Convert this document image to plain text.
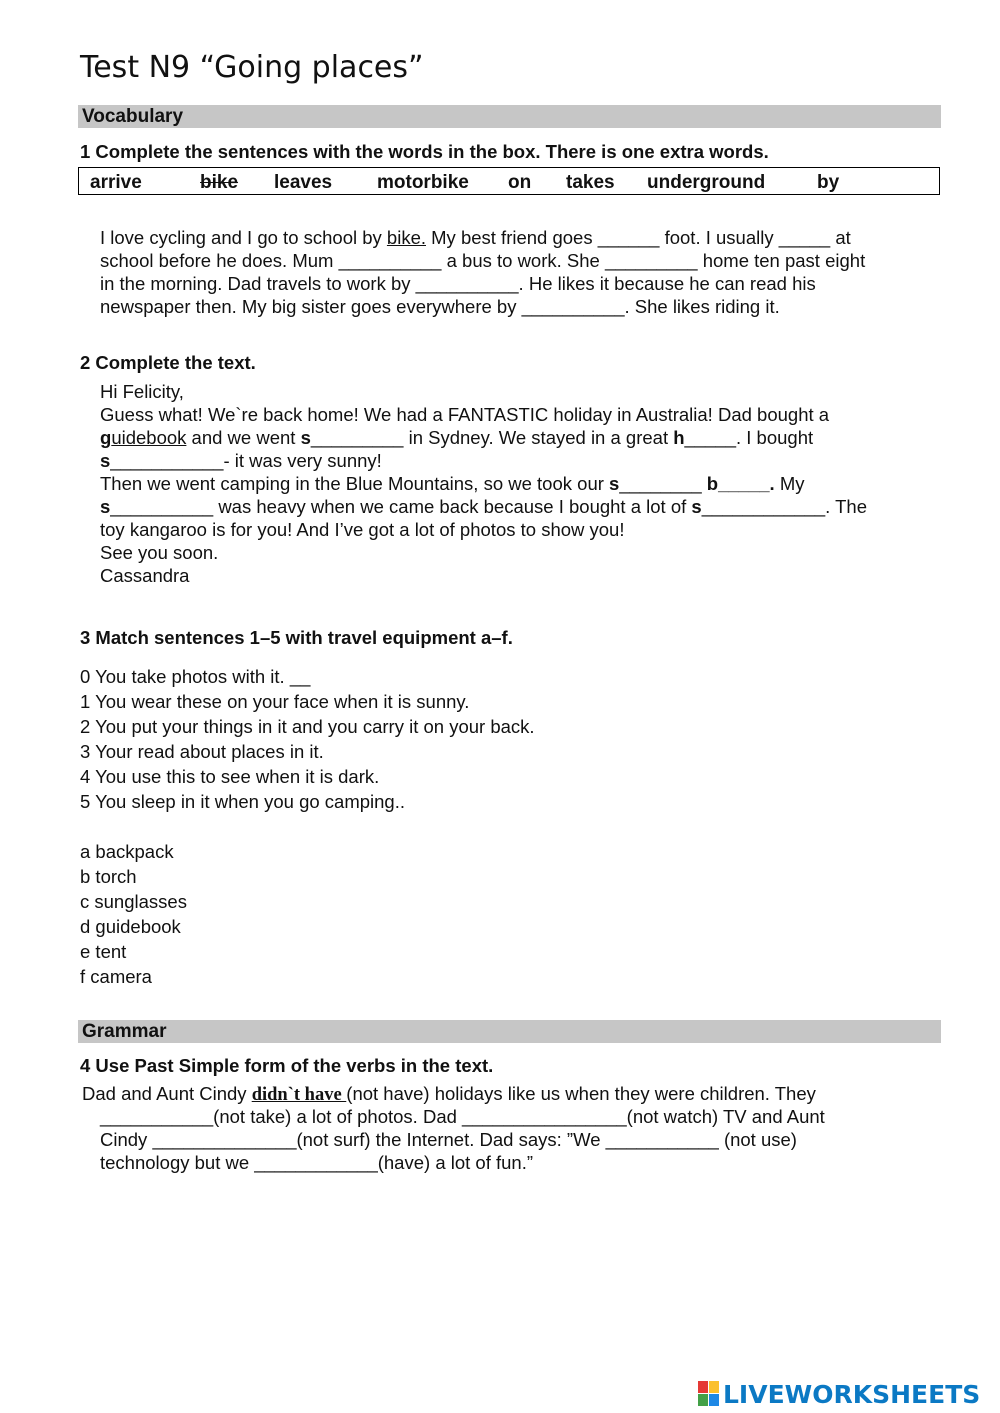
Test N9 “Going places”
Vocabulary
1 Complete the sentences with the words in the box. There is one extra words.
arrive	bike leaves motorbike on takes underground	by
I love cycling and I go to school by bike. My best friend goes ______ foot. I usually _____ at
school before he does. Mum __________ a bus to work. She _________ home ten past eight
in the morning. Dad travels to work by __________. He likes it because he can read his
newspaper then. My big sister goes everywhere by __________. She likes riding it.
2 Complete the text.
Hi Felicity,
Guess what! We`re back home! We had a FANTASTIC holiday in Australia! Dad bought a
guidebook and we went s_________ in Sydney. We stayed in a great h_____. I bought
s___________- it was very sunny!
Then we went camping in the Blue Mountains, so we took our s________ b_____. My
s__________ was heavy when we came back because I bought a lot of s____________. The
toy kangaroo is for you! And I’ve got a lot of photos to show you!
See you soon.
Cassandra
3 Match sentences 1–5 with travel equipment a–f.
0 You take photos with it. __
1 You wear these on your face when it is sunny.
2 You put your things in it and you carry it on your back.
3 Your read about places in it.
4 You use this to see when it is dark.
5 You sleep in it when you go camping..
a backpack
b torch
c sunglasses
d guidebook
e tent
f camera
Grammar
4 Use Past Simple form of the verbs in the text.
Dad and Aunt Cindy didn`t have (not have) holidays like us when they were children. They
___________(not take) a lot of photos. Dad ________________(not watch) TV and Aunt
Cindy ______________(not surf) the Internet. Dad says: ”We ___________ (not use)
technology but we ____________(have) a lot of fun.”
LIVEWORKSHEETS
